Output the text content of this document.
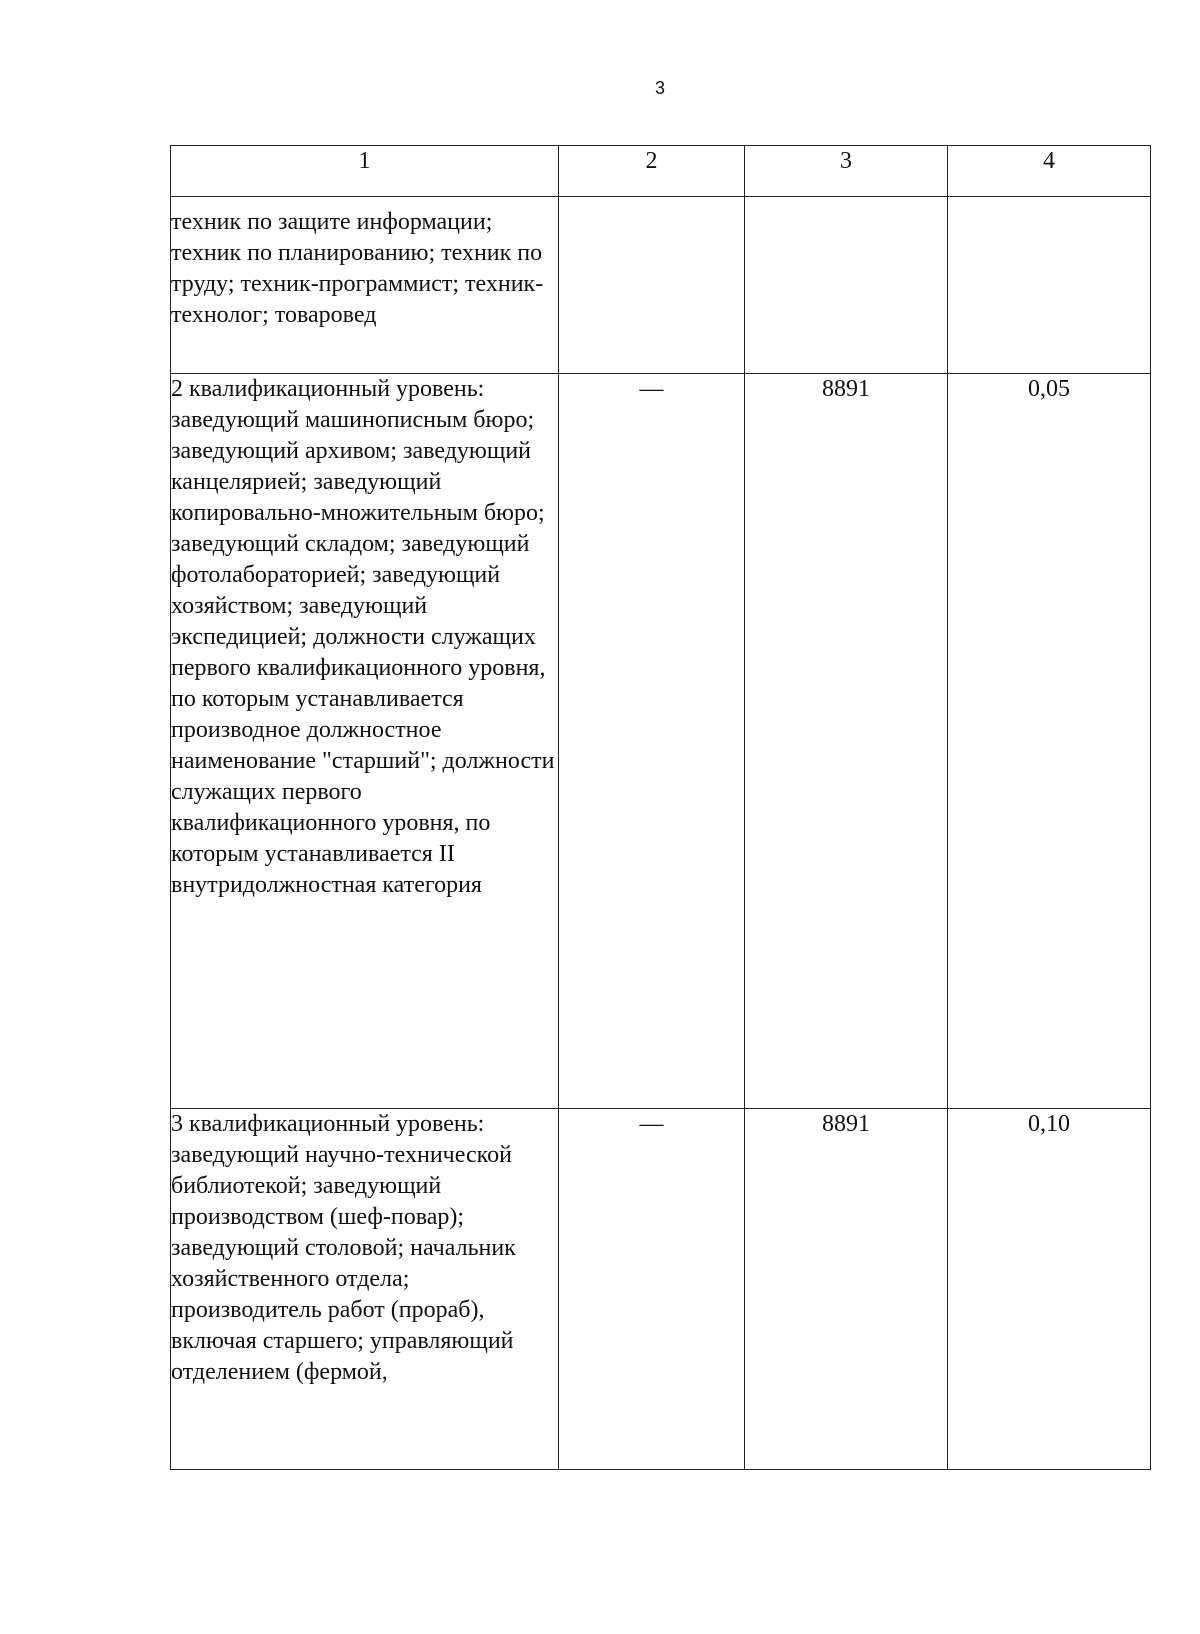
3
1	2	3	4
техник по защите информации; техник по планированию; техник по труду; техник-программист; техник-технолог; товаровед			
2 квалификационный уровень: заведующий машинописным бюро; заведующий архивом; заведующий канцелярией; заведующий копировально-множительным бюро; заведующий складом; заведующий фотолабораторией; заведующий хозяйством; заведующий экспедицией; должности служащих первого квалификационного уровня, по которым устанавливается производное должностное наименование "старший"; должности служащих первого квалификационного уровня, по которым устанавливается II внутридолжностная категория	—	8891	0,05
3 квалификационный уровень: заведующий научно-технической библиотекой; заведующий производством (шеф-повар); заведующий столовой; начальник хозяйственного отдела; производитель работ (прораб), включая старшего; управляющий отделением (фермой,	—	8891	0,10
